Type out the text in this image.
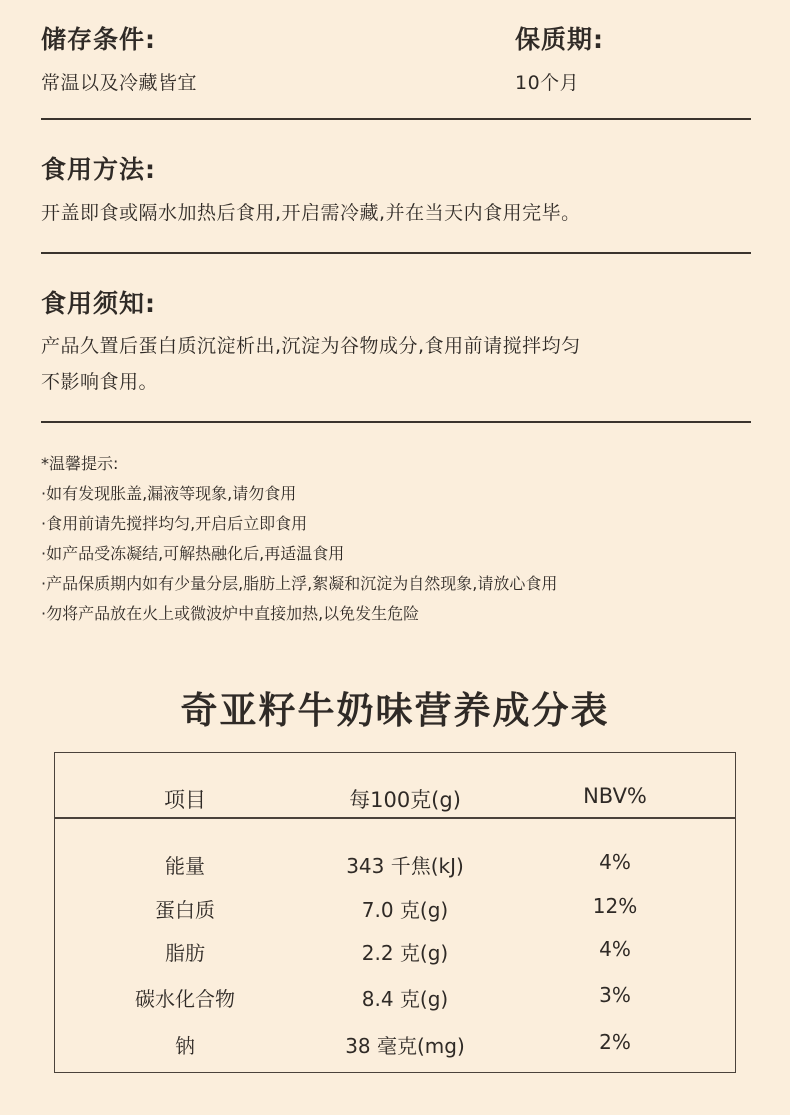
储存条件:
常温以及冷藏皆宜
保质期:
10个月
食用方法:
开盖即食或隔水加热后食用,开启需冷藏,并在当天内食用完毕。
食用须知:
产品久置后蛋白质沉淀析出,沉淀为谷物成分,食用前请搅拌均匀
不影响食用。
*温馨提示:
·如有发现胀盖,漏液等现象,请勿食用
·食用前请先搅拌均匀,开启后立即食用
·如产品受冻凝结,可解热融化后,再适温食用
·产品保质期内如有少量分层,脂肪上浮,絮凝和沉淀为自然现象,请放心食用
·勿将产品放在火上或微波炉中直接加热,以免发生危险
奇亚籽牛奶味营养成分表
项目	每100克(g)	NBV%
能量	343 千焦(kJ)	4%
蛋白质	7.0 克(g)	12%
脂肪	2.2 克(g)	4%
碳水化合物	8.4 克(g)	3%
钠	38 毫克(mg)	2%
